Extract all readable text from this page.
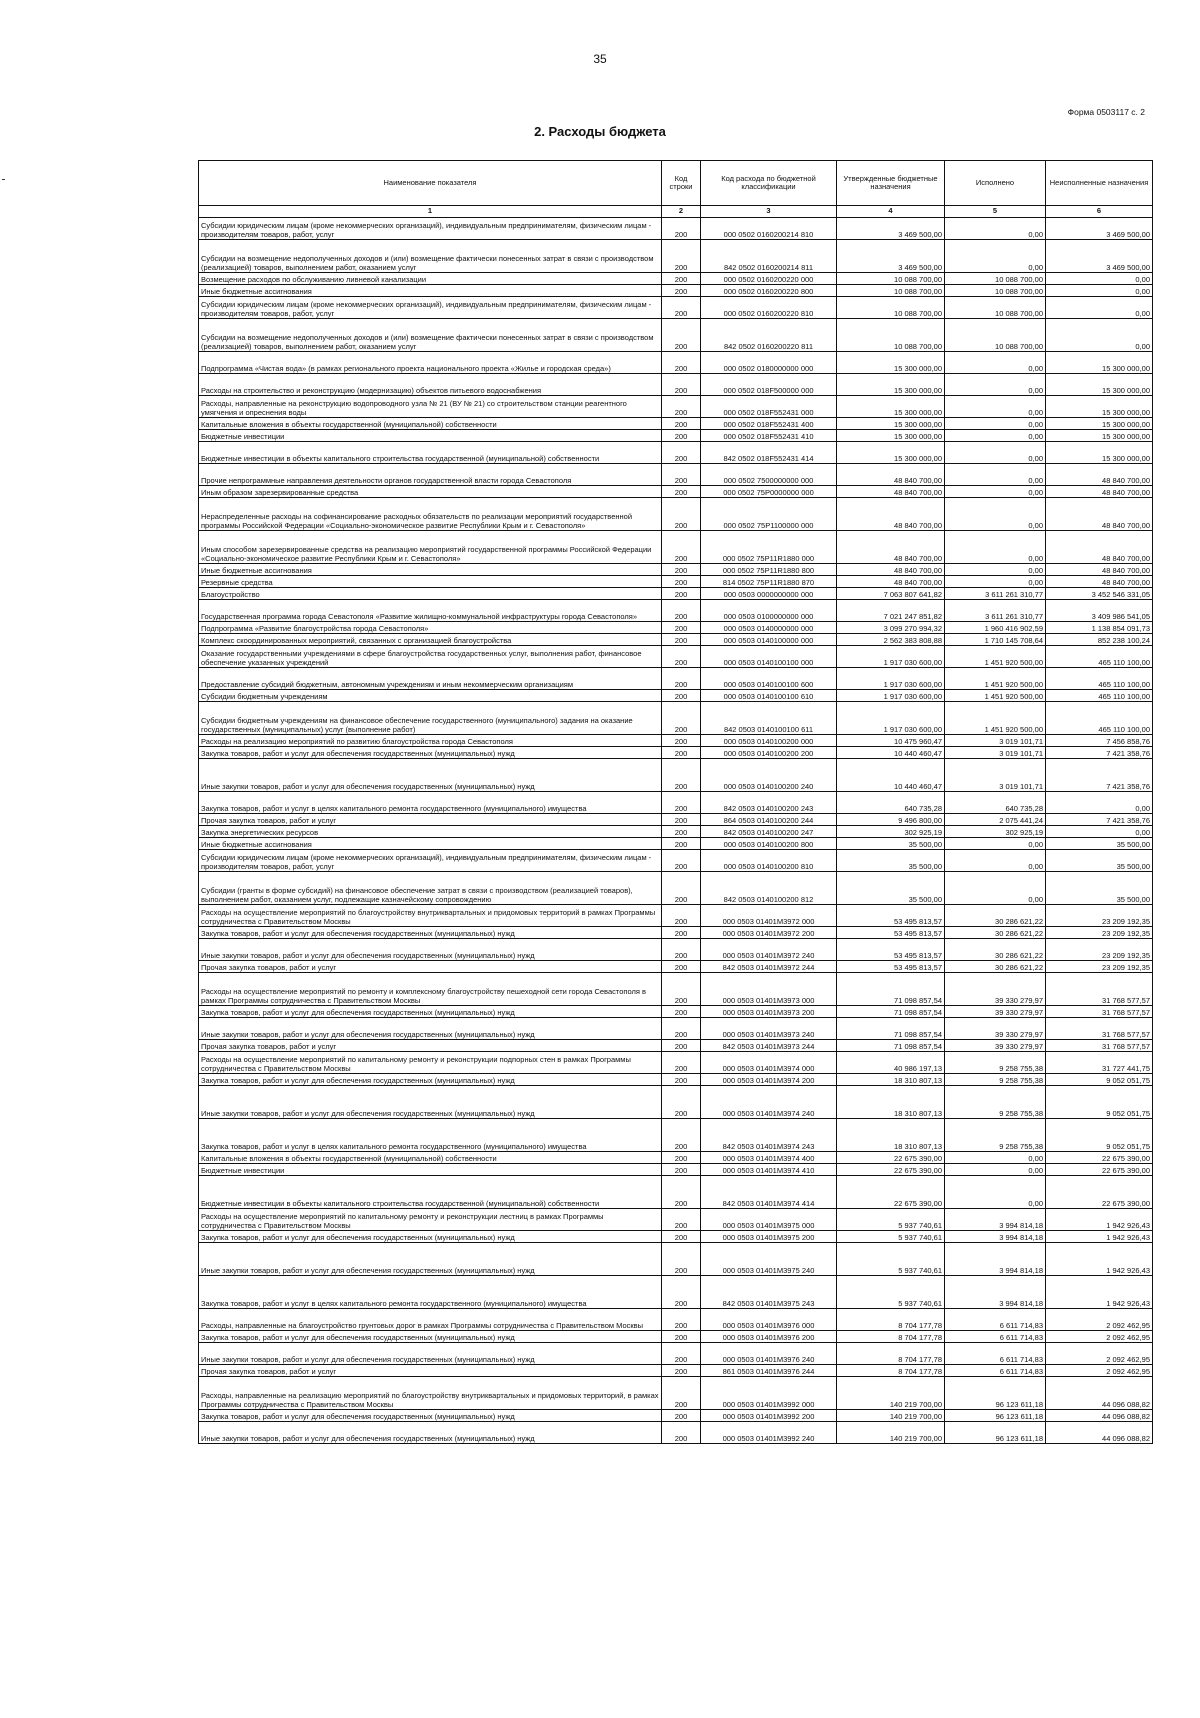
35
Форма 0503117 с. 2
2. Расходы бюджета
Наименование показателя	Код строки	Код расхода по бюджетной классификации	Утвержденные бюджетные назначения	Исполнено	Неисполненные назначения
1	2	3	4	5	6
Субсидии юридическим лицам (кроме некоммерческих организаций), индивидуальным предпринимателям, физическим лицам - производителям товаров, работ, услуг	200	000 0502 0160200214 810	3 469 500,00	0,00	3 469 500,00
Субсидии на возмещение недополученных доходов и (или) возмещение фактически понесенных затрат в связи с производством (реализацией) товаров, выполнением работ, оказанием услуг	200	842 0502 0160200214 811	3 469 500,00	0,00	3 469 500,00
Возмещение расходов по обслуживанию ливневой канализации	200	000 0502 0160200220 000	10 088 700,00	10 088 700,00	0,00
Иные бюджетные ассигнования	200	000 0502 0160200220 800	10 088 700,00	10 088 700,00	0,00
Субсидии юридическим лицам (кроме некоммерческих организаций), индивидуальным предпринимателям, физическим лицам - производителям товаров, работ, услуг	200	000 0502 0160200220 810	10 088 700,00	10 088 700,00	0,00
Субсидии на возмещение недополученных доходов и (или) возмещение фактически понесенных затрат в связи с производством (реализацией) товаров, выполнением работ, оказанием услуг	200	842 0502 0160200220 811	10 088 700,00	10 088 700,00	0,00
Подпрограмма «Чистая вода» (в рамках регионального проекта национального проекта «Жилье и городская среда»)	200	000 0502 0180000000 000	15 300 000,00	0,00	15 300 000,00
Расходы на строительство и реконструкцию (модернизацию) объектов питьевого водоснабжения	200	000 0502 018F500000 000	15 300 000,00	0,00	15 300 000,00
Расходы, направленные на реконструкцию водопроводного узла № 21 (ВУ № 21) со строительством станции реагентного умягчения и опреснения воды	200	000 0502 018F552431 000	15 300 000,00	0,00	15 300 000,00
Капитальные вложения в объекты государственной (муниципальной) собственности	200	000 0502 018F552431 400	15 300 000,00	0,00	15 300 000,00
Бюджетные инвестиции	200	000 0502 018F552431 410	15 300 000,00	0,00	15 300 000,00
Бюджетные инвестиции в объекты капитального строительства государственной (муниципальной) собственности	200	842 0502 018F552431 414	15 300 000,00	0,00	15 300 000,00
Прочие непрограммные направления деятельности органов государственной власти города Севастополя	200	000 0502 7500000000 000	48 840 700,00	0,00	48 840 700,00
Иным образом зарезервированные средства	200	000 0502 75P0000000 000	48 840 700,00	0,00	48 840 700,00
Нераспределенные расходы на софинансирование расходных обязательств по реализации мероприятий государственной программы Российской Федерации «Социально-экономическое развитие Республики Крым и г. Севастополя»	200	000 0502 75P1100000 000	48 840 700,00	0,00	48 840 700,00
Иным способом зарезервированные средства на реализацию мероприятий государственной программы Российской Федерации «Социально-экономическое развитие Республики Крым и г. Севастополя»	200	000 0502 75P11R1880 000	48 840 700,00	0,00	48 840 700,00
Иные бюджетные ассигнования	200	000 0502 75P11R1880 800	48 840 700,00	0,00	48 840 700,00
Резервные средства	200	814 0502 75P11R1880 870	48 840 700,00	0,00	48 840 700,00
Благоустройство	200	000 0503 0000000000 000	7 063 807 641,82	3 611 261 310,77	3 452 546 331,05
Государственная программа города Севастополя «Развитие жилищно-коммунальной инфраструктуры города Севастополя»	200	000 0503 0100000000 000	7 021 247 851,82	3 611 261 310,77	3 409 986 541,05
Подпрограмма «Развитие благоустройства города Севастополя»	200	000 0503 0140000000 000	3 099 270 994,32	1 960 416 902,59	1 138 854 091,73
Комплекс скоординированных мероприятий, связанных с организацией благоустройства	200	000 0503 0140100000 000	2 562 383 808,88	1 710 145 708,64	852 238 100,24
Оказание государственными учреждениями в сфере благоустройства государственных услуг, выполнения работ, финансовое обеспечение указанных учреждений	200	000 0503 0140100100 000	1 917 030 600,00	1 451 920 500,00	465 110 100,00
Предоставление субсидий бюджетным, автономным учреждениям и иным некоммерческим организациям	200	000 0503 0140100100 600	1 917 030 600,00	1 451 920 500,00	465 110 100,00
Субсидии бюджетным учреждениям	200	000 0503 0140100100 610	1 917 030 600,00	1 451 920 500,00	465 110 100,00
Субсидии бюджетным учреждениям на финансовое обеспечение государственного (муниципального) задания на оказание государственных (муниципальных) услуг (выполнение работ)	200	842 0503 0140100100 611	1 917 030 600,00	1 451 920 500,00	465 110 100,00
Расходы на реализацию мероприятий по развитию благоустройства города Севастополя	200	000 0503 0140100200 000	10 475 960,47	3 019 101,71	7 456 858,76
Закупка товаров, работ и услуг для обеспечения государственных (муниципальных) нужд	200	000 0503 0140100200 200	10 440 460,47	3 019 101,71	7 421 358,76
Иные закупки товаров, работ и услуг для обеспечения государственных (муниципальных) нужд	200	000 0503 0140100200 240	10 440 460,47	3 019 101,71	7 421 358,76
Закупка товаров, работ и услуг в целях капитального ремонта государственного (муниципального) имущества	200	842 0503 0140100200 243	640 735,28	640 735,28	0,00
Прочая закупка товаров, работ и услуг	200	864 0503 0140100200 244	9 496 800,00	2 075 441,24	7 421 358,76
Закупка энергетических ресурсов	200	842 0503 0140100200 247	302 925,19	302 925,19	0,00
Иные бюджетные ассигнования	200	000 0503 0140100200 800	35 500,00	0,00	35 500,00
Субсидии юридическим лицам (кроме некоммерческих организаций), индивидуальным предпринимателям, физическим лицам - производителям товаров, работ, услуг	200	000 0503 0140100200 810	35 500,00	0,00	35 500,00
Субсидии (гранты в форме субсидий) на финансовое обеспечение затрат в связи с производством (реализацией товаров), выполнением работ, оказанием услуг, подлежащие казначейскому сопровождению	200	842 0503 0140100200 812	35 500,00	0,00	35 500,00
Расходы на осуществление мероприятий по благоустройству внутриквартальных и придомовых территорий в рамках Программы сотрудничества с Правительством Москвы	200	000 0503 01401M3972 000	53 495 813,57	30 286 621,22	23 209 192,35
Закупка товаров, работ и услуг для обеспечения государственных (муниципальных) нужд	200	000 0503 01401M3972 200	53 495 813,57	30 286 621,22	23 209 192,35
Иные закупки товаров, работ и услуг для обеспечения государственных (муниципальных) нужд	200	000 0503 01401M3972 240	53 495 813,57	30 286 621,22	23 209 192,35
Прочая закупка товаров, работ и услуг	200	842 0503 01401M3972 244	53 495 813,57	30 286 621,22	23 209 192,35
Расходы на осуществление мероприятий по ремонту и комплексному благоустройству пешеходной сети города Севастополя в рамках Программы сотрудничества с Правительством Москвы	200	000 0503 01401M3973 000	71 098 857,54	39 330 279,97	31 768 577,57
Закупка товаров, работ и услуг для обеспечения государственных (муниципальных) нужд	200	000 0503 01401M3973 200	71 098 857,54	39 330 279,97	31 768 577,57
Иные закупки товаров, работ и услуг для обеспечения государственных (муниципальных) нужд	200	000 0503 01401M3973 240	71 098 857,54	39 330 279,97	31 768 577,57
Прочая закупка товаров, работ и услуг	200	842 0503 01401M3973 244	71 098 857,54	39 330 279,97	31 768 577,57
Расходы на осуществление мероприятий по капитальному ремонту и реконструкции подпорных стен в рамках Программы сотрудничества с Правительством Москвы	200	000 0503 01401M3974 000	40 986 197,13	9 258 755,38	31 727 441,75
Закупка товаров, работ и услуг для обеспечения государственных (муниципальных) нужд	200	000 0503 01401M3974 200	18 310 807,13	9 258 755,38	9 052 051,75
Иные закупки товаров, работ и услуг для обеспечения государственных (муниципальных) нужд	200	000 0503 01401M3974 240	18 310 807,13	9 258 755,38	9 052 051,75
Закупка товаров, работ и услуг в целях капитального ремонта государственного (муниципального) имущества	200	842 0503 01401M3974 243	18 310 807,13	9 258 755,38	9 052 051,75
Капитальные вложения в объекты государственной (муниципальной) собственности	200	000 0503 01401M3974 400	22 675 390,00	0,00	22 675 390,00
Бюджетные инвестиции	200	000 0503 01401M3974 410	22 675 390,00	0,00	22 675 390,00
Бюджетные инвестиции в объекты капитального строительства государственной (муниципальной) собственности	200	842 0503 01401M3974 414	22 675 390,00	0,00	22 675 390,00
Расходы на осуществление мероприятий по капитальному ремонту и реконструкции лестниц в рамках Программы сотрудничества с Правительством Москвы	200	000 0503 01401M3975 000	5 937 740,61	3 994 814,18	1 942 926,43
Закупка товаров, работ и услуг для обеспечения государственных (муниципальных) нужд	200	000 0503 01401M3975 200	5 937 740,61	3 994 814,18	1 942 926,43
Иные закупки товаров, работ и услуг для обеспечения государственных (муниципальных) нужд	200	000 0503 01401M3975 240	5 937 740,61	3 994 814,18	1 942 926,43
Закупка товаров, работ и услуг в целях капитального ремонта государственного (муниципального) имущества	200	842 0503 01401M3975 243	5 937 740,61	3 994 814,18	1 942 926,43
Расходы, направленные на благоустройство грунтовых дорог в рамках Программы сотрудничества с Правительством Москвы	200	000 0503 01401M3976 000	8 704 177,78	6 611 714,83	2 092 462,95
Закупка товаров, работ и услуг для обеспечения государственных (муниципальных) нужд	200	000 0503 01401M3976 200	8 704 177,78	6 611 714,83	2 092 462,95
Иные закупки товаров, работ и услуг для обеспечения государственных (муниципальных) нужд	200	000 0503 01401M3976 240	8 704 177,78	6 611 714,83	2 092 462,95
Прочая закупка товаров, работ и услуг	200	861 0503 01401M3976 244	8 704 177,78	6 611 714,83	2 092 462,95
Расходы, направленные на реализацию мероприятий по благоустройству внутриквартальных и придомовых территорий, в рамках Программы сотрудничества с Правительством Москвы	200	000 0503 01401M3992 000	140 219 700,00	96 123 611,18	44 096 088,82
Закупка товаров, работ и услуг для обеспечения государственных (муниципальных) нужд	200	000 0503 01401M3992 200	140 219 700,00	96 123 611,18	44 096 088,82
Иные закупки товаров, работ и услуг для обеспечения государственных (муниципальных) нужд	200	000 0503 01401M3992 240	140 219 700,00	96 123 611,18	44 096 088,82
